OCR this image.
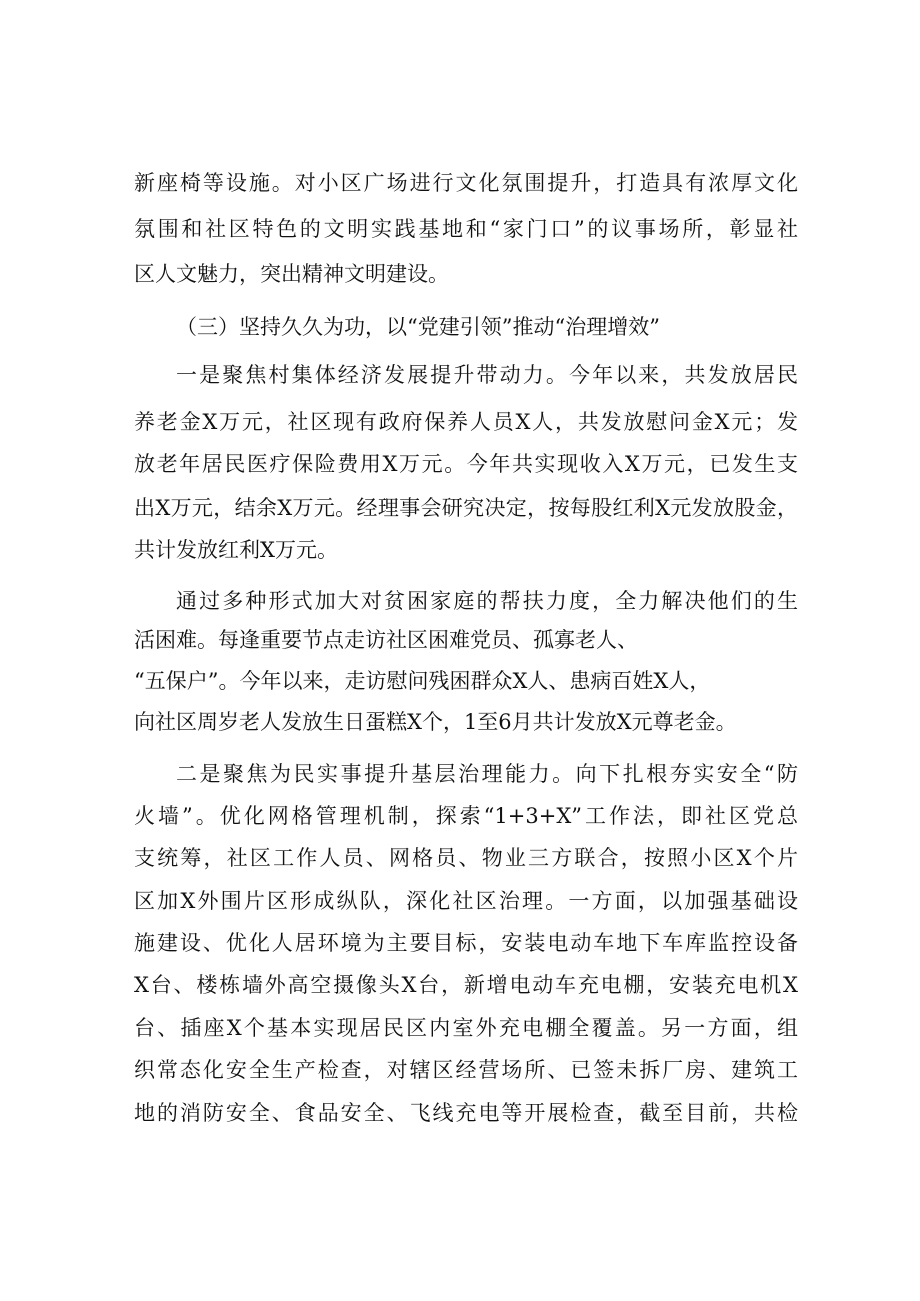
新座椅等设施。对小区广场进行文化氛围提升，打造具有浓厚文化
氛围和社区特色的文明实践基地和“家门口”的议事场所，彰显社
区人文魅力，突出精神文明建设。
（三）坚持久久为功，以“党建引领”推动“治理增效”
一是聚焦村集体经济发展提升带动力。今年以来，共发放居民
养老金X万元，社区现有政府保养人员X人，共发放慰问金X元；发
放老年居民医疗保险费用X万元。今年共实现收入X万元，已发生支
出X万元，结余X万元。经理事会研究决定，按每股红利X元发放股金，
共计发放红利X万元。
通过多种形式加大对贫困家庭的帮扶力度，全力解决他们的生
活困难。每逢重要节点走访社区困难党员、孤寡老人、
“五保户”。今年以来，走访慰问残困群众X人、患病百姓X人，
向社区周岁老人发放生日蛋糕X个，1至6月共计发放X元尊老金。
二是聚焦为民实事提升基层治理能力。向下扎根夯实安全“防
火墙”。优化网格管理机制，探索“1+3+X”工作法，即社区党总
支统筹，社区工作人员、网格员、物业三方联合，按照小区X个片
区加X外围片区形成纵队，深化社区治理。一方面，以加强基础设
施建设、优化人居环境为主要目标，安装电动车地下车库监控设备
X台、楼栋墙外高空摄像头X台，新增电动车充电棚，安装充电机X
台、插座X个基本实现居民区内室外充电棚全覆盖。另一方面，组
织常态化安全生产检查，对辖区经营场所、已签未拆厂房、建筑工
地的消防安全、食品安全、飞线充电等开展检查，截至目前，共检
